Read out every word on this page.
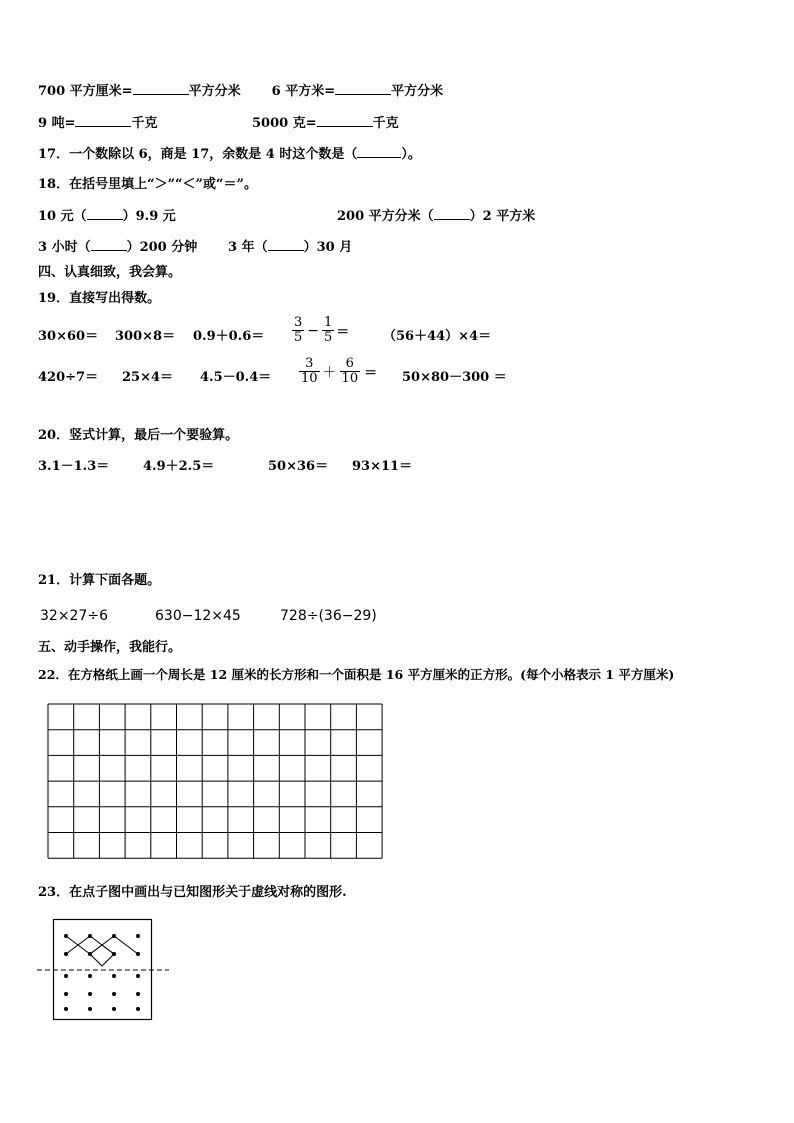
700 平方厘米=	平方分米 6 平方米=	平方分米
9 吨=	千克	5000 克=	千克
17．一个数除以 6，商是 17，余数是 4 时这个数是（	）。
18．在括号里填上“＞”“＜”或“＝”。
10 元（	）9.9 元	200 平方分米（	）2 平方米
3 小时（	）200 分钟 3 年（	）30 月
四、认真细致，我会算。
19．直接写出得数。
$30\times 60= 300\times 8= 0.9+0.6= \frac{3}{5} - \frac{1}{5}$ ＝	（56＋44）×4＝
$420\div 7= 25\times 4= 4.5-0.4= \frac{3}{10} + \frac{6}{10} = 50\times 80-300$ ＝
20．竖式计算，最后一个要验算。
3.1－1.3＝	4.9＋2.5＝	50×36＝ 93×11＝
21．计算下面各题。
32×27÷6	630−12×45	728÷(36−29)
五、动手操作，我能行。
22．在方格纸上画一个周长是 12 厘米的长方形和一个面积是 16 平方厘米的正方形。(每个小格表示 1 平方厘米)
23．在点子图中画出与已知图形关于虚线对称的图形.
